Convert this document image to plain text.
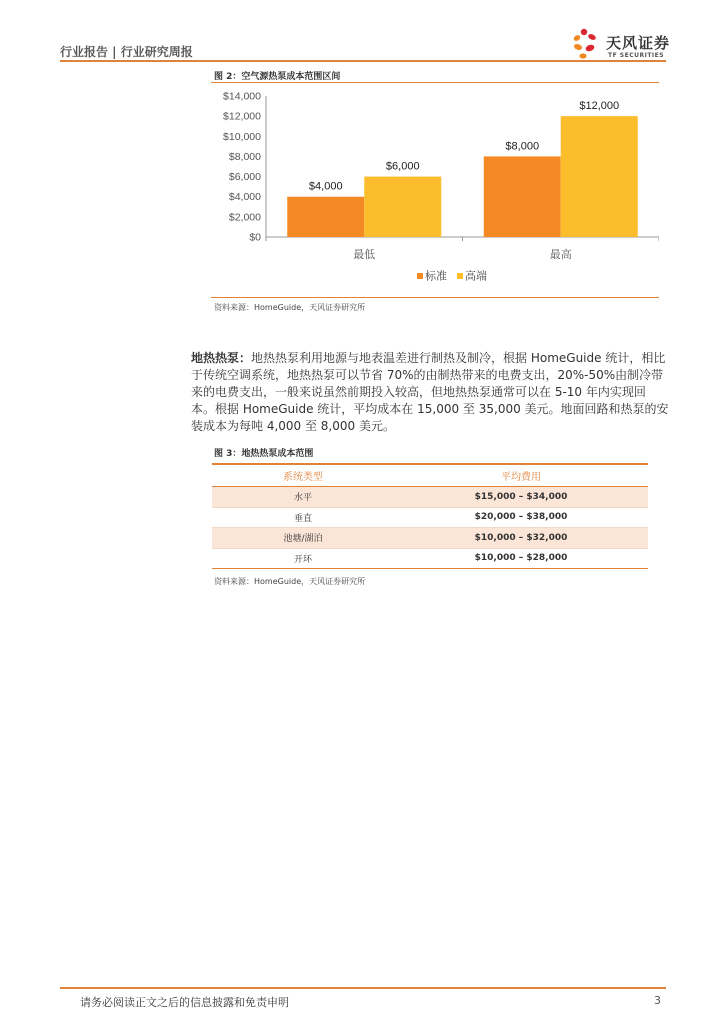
行业报告 | 行业研究周报	天风证券
TF SECURITIES
图 2：空气源热泵成本范围区间
$0
$2,000
$4,000
$6,000
$8,000
$10,000
$12,000
$14,000
$4,000
$6,000
最低
$8,000
$12,000
最高
标准 高端
资料来源：HomeGuide，天风证券研究所
地热热泵：地热热泵利用地源与地表温差进行制热及制冷，根据 HomeGuide 统计，相比于传统空调系统，地热热泵可以节省 70%的由制热带来的电费支出，20%-50%由制冷带来的电费支出，一般来说虽然前期投入较高，但地热热泵通常可以在 5-10 年内实现回本。根据 HomeGuide 统计，平均成本在 15,000 至 35,000 美元。地面回路和热泵的安装成本为每吨 4,000 至 8,000 美元。
图 3：地热热泵成本范围
系统类型	平均费用
水平	$15,000 – $34,000
垂直	$20,000 – $38,000
池塘/湖泊	$10,000 – $32,000
开环	$10,000 – $28,000
资料来源：HomeGuide，天风证券研究所
请务必阅读正文之后的信息披露和免责申明	3
